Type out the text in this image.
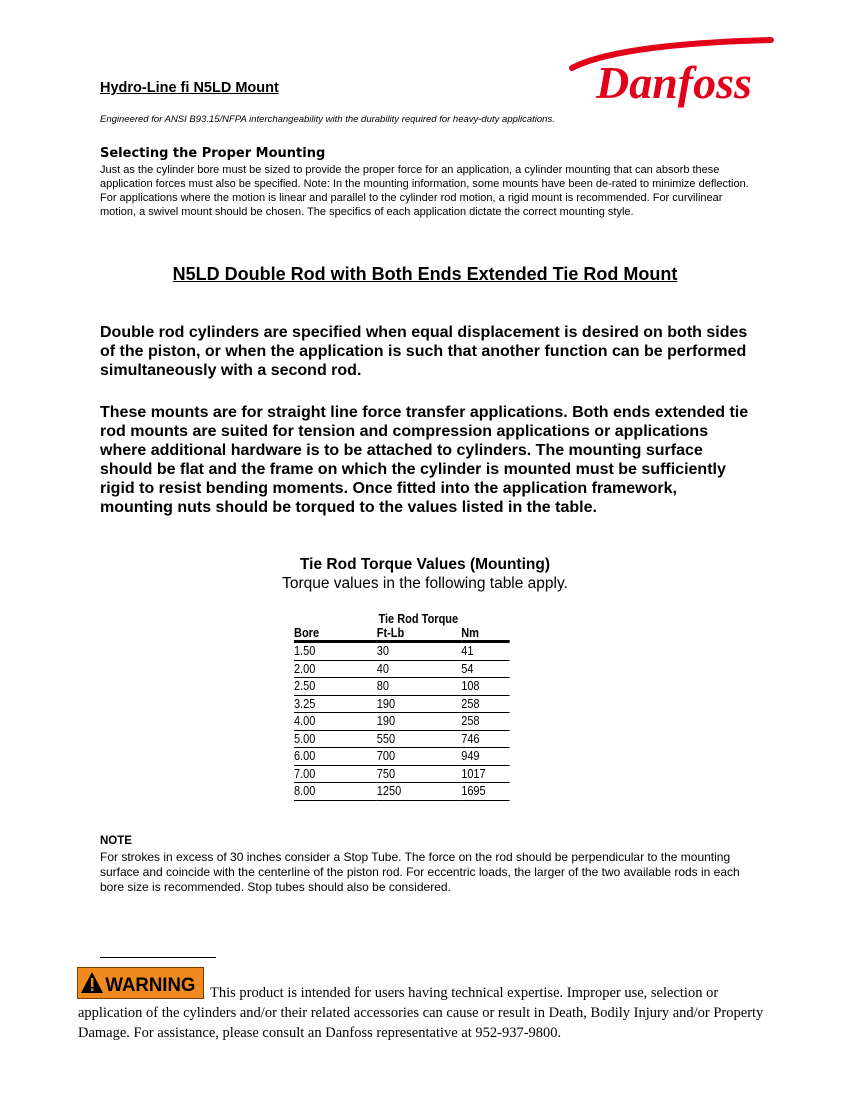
Hydro-Line fi N5LD Mount	Danfoss
Engineered for ANSI B93.15/NFPA interchangeability with the durability required for heavy-duty applications.
Selecting the Proper Mounting
Just as the cylinder bore must be sized to provide the proper force for an application, a cylinder mounting that can absorb these application forces must also be specified. Note: In the mounting information, some mounts have been de-rated to minimize deflection. For applications where the motion is linear and parallel to the cylinder rod motion, a rigid mount is recommended. For curvilinear motion, a swivel mount should be chosen. The specifics of each application dictate the correct mounting style.
N5LD Double Rod with Both Ends Extended Tie Rod Mount
Double rod cylinders are specified when equal displacement is desired on both sides of the piston, or when the application is such that another function can be performed simultaneously with a second rod.
These mounts are for straight line force transfer applications. Both ends extended tie rod mounts are suited for tension and compression applications or applications where additional hardware is to be attached to cylinders. The mounting surface should be flat and the frame on which the cylinder is mounted must be sufficiently rigid to resist bending moments. Once fitted into the application framework, mounting nuts should be torqued to the values listed in the table.
Tie Rod Torque Values (Mounting)
Torque values in the following table apply.
	Tie Rod Torque	
Bore	Ft-Lb	Nm
1.50	30	41
2.00	40	54
2.50	80	108
3.25	190	258
4.00	190	258
5.00	550	746
6.00	700	949
7.00	750	1017
8.00	1250	1695
NOTE
For strokes in excess of 30 inches consider a Stop Tube. The force on the rod should be perpendicular to the mounting surface and coincide with the centerline of the piston rod. For eccentric loads, the larger of the two available rods in each bore size is recommended. Stop tubes should also be considered.
WARNING	This product is intended for users having technical expertise. Improper use, selection or application of the cylinders and/or their related accessories can cause or result in Death, Bodily Injury and/or Property Damage. For assistance, please consult an Danfoss representative at 952-937-9800.
